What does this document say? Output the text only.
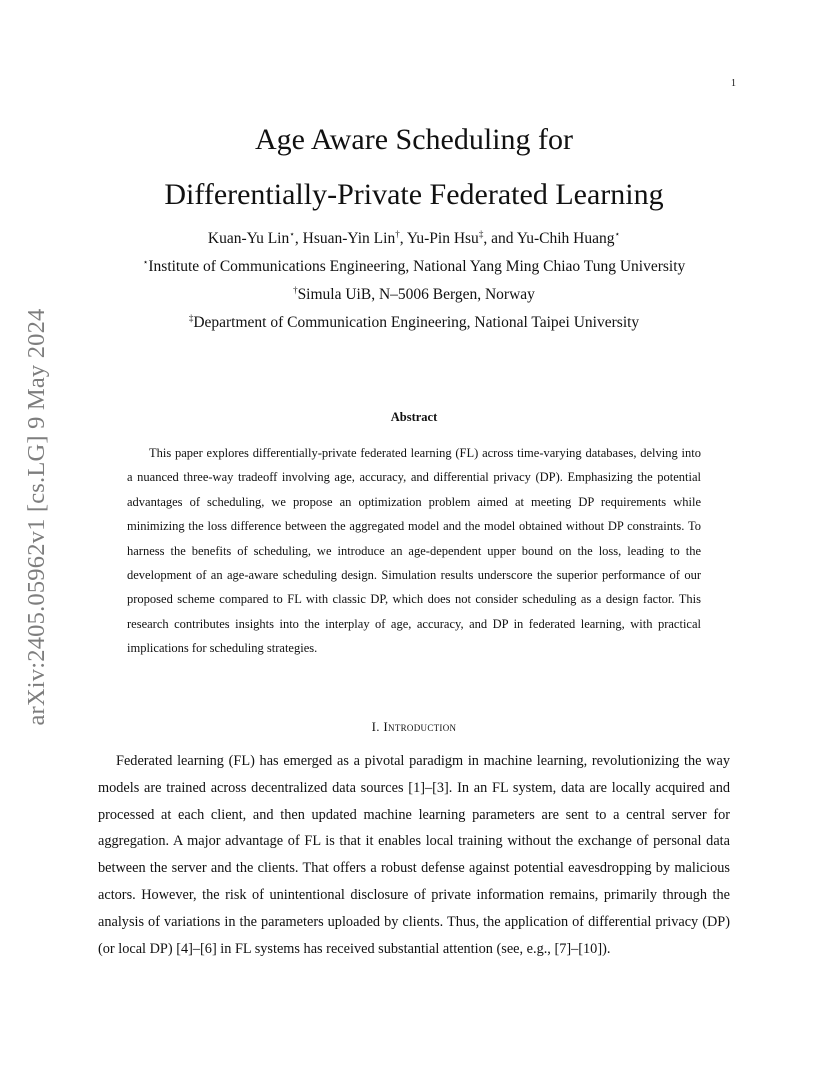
1
arXiv:2405.05962v1 [cs.LG] 9 May 2024
Age Aware Scheduling for
Differentially-Private Federated Learning
Kuan-Yu Lin⋆, Hsuan-Yin Lin†, Yu-Pin Hsu‡, and Yu-Chih Huang⋆
⋆Institute of Communications Engineering, National Yang Ming Chiao Tung University
†Simula UiB, N–5006 Bergen, Norway
‡Department of Communication Engineering, National Taipei University
Abstract

This paper explores differentially-private federated learning (FL) across time-varying databases, delving into a nuanced three-way tradeoff involving age, accuracy, and differential privacy (DP). Emphasizing the potential advantages of scheduling, we propose an optimization problem aimed at meeting DP requirements while minimizing the loss difference between the aggregated model and the model obtained without DP constraints. To harness the benefits of scheduling, we introduce an age-dependent upper bound on the loss, leading to the development of an age-aware scheduling design. Simulation results underscore the superior performance of our proposed scheme compared to FL with classic DP, which does not consider scheduling as a design factor. This research contributes insights into the interplay of age, accuracy, and DP in federated learning, with practical implications for scheduling strategies.

I. Introduction

Federated learning (FL) has emerged as a pivotal paradigm in machine learning, revolutionizing the way models are trained across decentralized data sources [1]–[3]. In an FL system, data are locally acquired and processed at each client, and then updated machine learning parameters are sent to a central server for aggregation. A major advantage of FL is that it enables local training without the exchange of personal data between the server and the clients. That offers a robust defense against potential eavesdropping by malicious actors. However, the risk of unintentional disclosure of private information remains, primarily through the analysis of variations in the parameters uploaded by clients. Thus, the application of differential privacy (DP) (or local DP) [4]–[6] in FL systems has received substantial attention (see, e.g., [7]–[10]).
